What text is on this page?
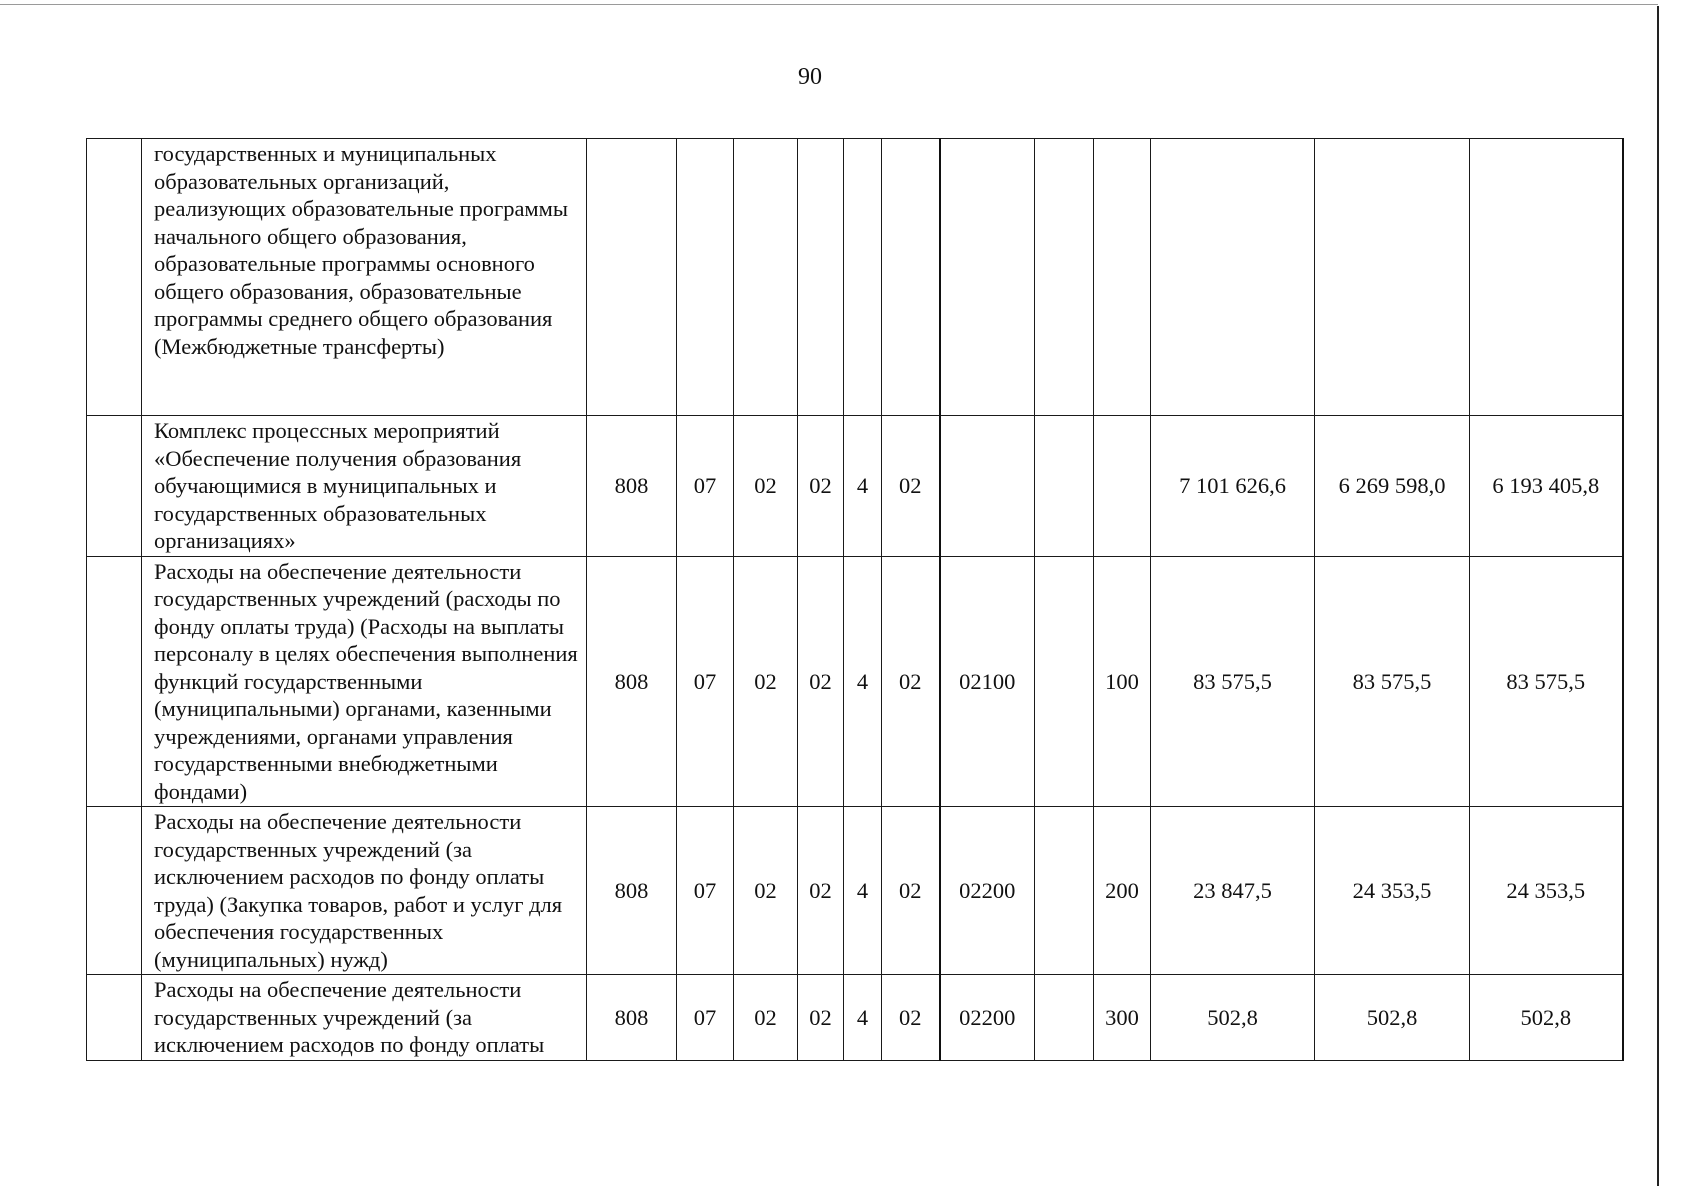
90
	государственных и муниципальных образовательных организаций, реализующих образовательные программы начального общего образования, образовательные программы основного общего образования, образовательные программы среднего общего образования (Межбюджетные трансферты)												
	Комплекс процессных мероприятий «Обеспечение получения образования обучающимися в муниципальных и государственных образовательных организациях»	808	07	02	02	4	02				7 101 626,6	6 269 598,0	6 193 405,8
	Расходы на обеспечение деятельности государственных учреждений (расходы по фонду оплаты труда) (Расходы на выплаты персоналу в целях обеспечения выполнения функций государственными (муниципальными) органами, казенными учреждениями, органами управления государственными внебюджетными фондами)	808	07	02	02	4	02	02100		100	83 575,5	83 575,5	83 575,5
	Расходы на обеспечение деятельности государственных учреждений (за исключением расходов по фонду оплаты труда) (Закупка товаров, работ и услуг для обеспечения государственных (муниципальных) нужд)	808	07	02	02	4	02	02200		200	23 847,5	24 353,5	24 353,5
	Расходы на обеспечение деятельности государственных учреждений (за исключением расходов по фонду оплаты	808	07	02	02	4	02	02200		300	502,8	502,8	502,8
